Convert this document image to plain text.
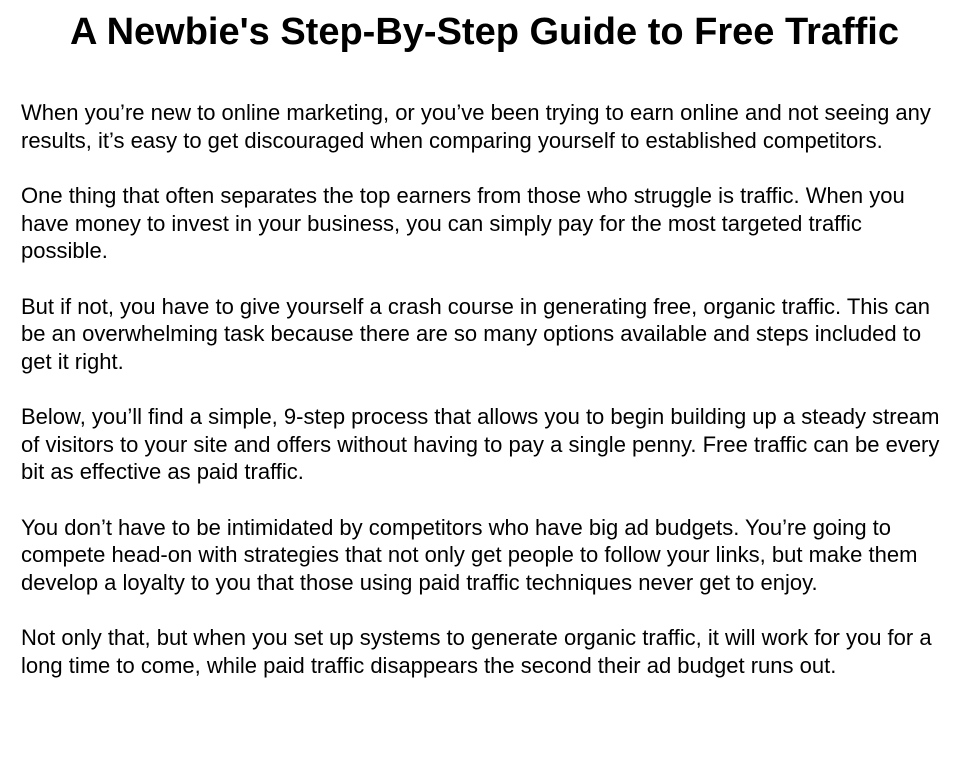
A Newbie's Step-By-Step Guide to Free Traffic

When you’re new to online marketing, or you’ve been trying to earn online and not seeing any results, it’s easy to get discouraged when comparing yourself to established competitors.

One thing that often separates the top earners from those who struggle is traffic. When you have money to invest in your business, you can simply pay for the most targeted traffic possible.

But if not, you have to give yourself a crash course in generating free, organic traffic. This can be an overwhelming task because there are so many options available and steps included to get it right.

Below, you’ll find a simple, 9-step process that allows you to begin building up a steady stream of visitors to your site and offers without having to pay a single penny. Free traffic can be every bit as effective as paid traffic.

You don’t have to be intimidated by competitors who have big ad budgets. You’re going to compete head-on with strategies that not only get people to follow your links, but make them develop a loyalty to you that those using paid traffic techniques never get to enjoy.

Not only that, but when you set up systems to generate organic traffic, it will work for you for a long time to come, while paid traffic disappears the second their ad budget runs out.
